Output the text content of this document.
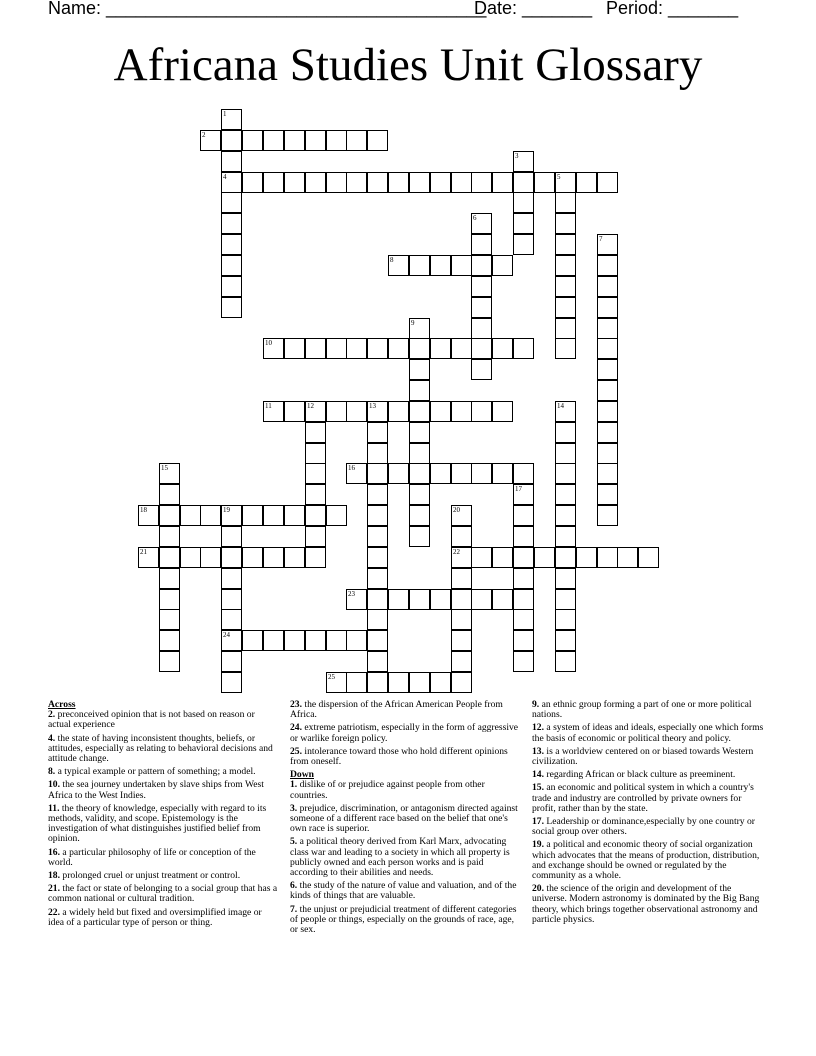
Name: ______________________________________
Date: _______ Period: _______
Africana Studies Unit Glossary
1
4
2
3
5
6
7
8
9
10
11	12	13	14
15	16
17
18	19
24
20
22
21
23
25
Across
2. preconceived opinion that is not based on reason or actual experience
4. the state of having inconsistent thoughts, beliefs, or attitudes, especially as relating to behavioral decisions and attitude change.
8. a typical example or pattern of something; a model.
10. the sea journey undertaken by slave ships from West Africa to the West Indies.
11. the theory of knowledge, especially with regard to its methods, validity, and scope. Epistemology is the investigation of what distinguishes justified belief from opinion.
16. a particular philosophy of life or conception of the world.
18. prolonged cruel or unjust treatment or control.
21. the fact or state of belonging to a social group that has a common national or cultural tradition.
22. a widely held but fixed and oversimplified image or idea of a particular type of person or thing.
23. the dispersion of the African American People from Africa.
24. extreme patriotism, especially in the form of aggressive or warlike foreign policy.
25. intolerance toward those who hold different opinions from oneself.
Down
1. dislike of or prejudice against people from other countries.
3. prejudice, discrimination, or antagonism directed against someone of a different race based on the belief that one's own race is superior.
5. a political theory derived from Karl Marx, advocating class war and leading to a society in which all property is publicly owned and each person works and is paid according to their abilities and needs.
6. the study of the nature of value and valuation, and of the kinds of things that are valuable.
7. the unjust or prejudicial treatment of different categories of people or things, especially on the grounds of race, age, or sex.
9. an ethnic group forming a part of one or more political nations.
12. a system of ideas and ideals, especially one which forms the basis of economic or political theory and policy.
13. is a worldview centered on or biased towards Western civilization.
14. regarding African or black culture as preeminent.
15. an economic and political system in which a country's trade and industry are controlled by private owners for profit, rather than by the state.
17. Leadership or dominance,especially by one country or social group over others.
19. a political and economic theory of social organization which advocates that the means of production, distribution, and exchange should be owned or regulated by the community as a whole.
20. the science of the origin and development of the universe. Modern astronomy is dominated by the Big Bang theory, which brings together observational astronomy and particle physics.
